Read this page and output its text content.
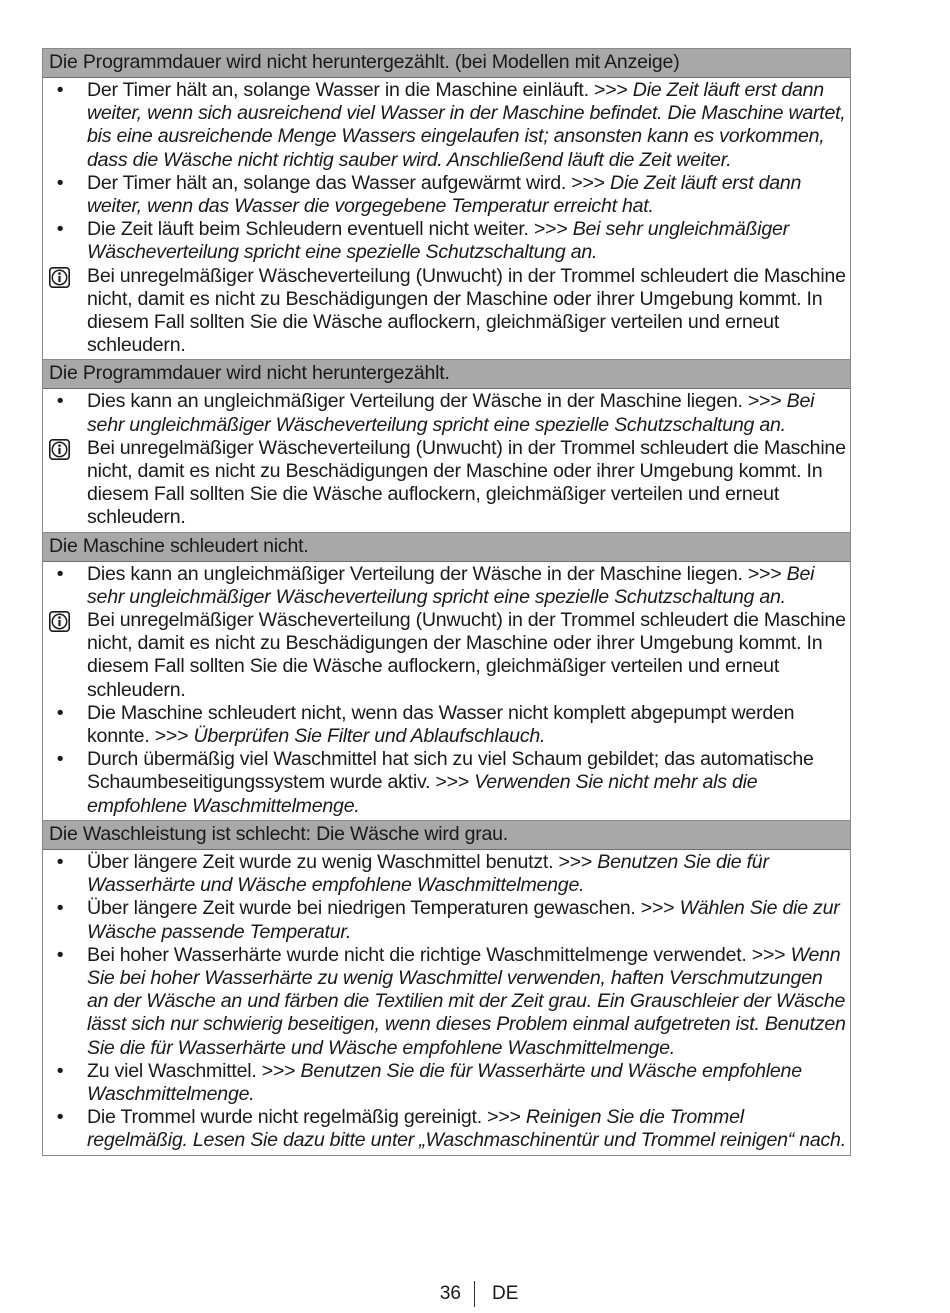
Die Programmdauer wird nicht heruntergezählt. (bei Modellen mit Anzeige)
•	Der Timer hält an, solange Wasser in die Maschine einläuft. >>> Die Zeit läuft erst dann weiter, wenn sich ausreichend viel Wasser in der Maschine befindet. Die Maschine wartet, bis eine ausreichende Menge Wassers eingelaufen ist; ansonsten kann es vorkommen, dass die Wäsche nicht richtig sauber wird. Anschließend läuft die Zeit weiter.
•	Der Timer hält an, solange das Wasser aufgewärmt wird. >>> Die Zeit läuft erst dann weiter, wenn das Wasser die vorgegebene Temperatur erreicht hat.
•	Die Zeit läuft beim Schleudern eventuell nicht weiter. >>> Bei sehr ungleichmäßiger Wäscheverteilung spricht eine spezielle Schutzschaltung an.
Bei unregelmäßiger Wäscheverteilung (Unwucht) in der Trommel schleudert die Maschine nicht, damit es nicht zu Beschädigungen der Maschine oder ihrer Umgebung kommt. In diesem Fall sollten Sie die Wäsche auflockern, gleichmäßiger verteilen und erneut schleudern.
Die Programmdauer wird nicht heruntergezählt.
•	Dies kann an ungleichmäßiger Verteilung der Wäsche in der Maschine liegen. >>> Bei sehr ungleichmäßiger Wäscheverteilung spricht eine spezielle Schutzschaltung an.
Bei unregelmäßiger Wäscheverteilung (Unwucht) in der Trommel schleudert die Maschine nicht, damit es nicht zu Beschädigungen der Maschine oder ihrer Umgebung kommt. In diesem Fall sollten Sie die Wäsche auflockern, gleichmäßiger verteilen und erneut schleudern.
Die Maschine schleudert nicht.
•	Dies kann an ungleichmäßiger Verteilung der Wäsche in der Maschine liegen. >>> Bei sehr ungleichmäßiger Wäscheverteilung spricht eine spezielle Schutzschaltung an.
Bei unregelmäßiger Wäscheverteilung (Unwucht) in der Trommel schleudert die Maschine nicht, damit es nicht zu Beschädigungen der Maschine oder ihrer Umgebung kommt. In diesem Fall sollten Sie die Wäsche auflockern, gleichmäßiger verteilen und erneut schleudern.
•	Die Maschine schleudert nicht, wenn das Wasser nicht komplett abgepumpt werden konnte. >>> Überprüfen Sie Filter und Ablaufschlauch.
•	Durch übermäßig viel Waschmittel hat sich zu viel Schaum gebildet; das automatische Schaumbeseitigungssystem wurde aktiv. >>> Verwenden Sie nicht mehr als die empfohlene Waschmittelmenge.
Die Waschleistung ist schlecht: Die Wäsche wird grau.
•	Über längere Zeit wurde zu wenig Waschmittel benutzt. >>> Benutzen Sie die für Wasserhärte und Wäsche empfohlene Waschmittelmenge.
•	Über längere Zeit wurde bei niedrigen Temperaturen gewaschen. >>> Wählen Sie die zur Wäsche passende Temperatur.
•	Bei hoher Wasserhärte wurde nicht die richtige Waschmittelmenge verwendet. >>> Wenn Sie bei hoher Wasserhärte zu wenig Waschmittel verwenden, haften Verschmutzungen an der Wäsche an und färben die Textilien mit der Zeit grau. Ein Grauschleier der Wäsche lässt sich nur schwierig beseitigen, wenn dieses Problem einmal aufgetreten ist. Benutzen Sie die für Wasserhärte und Wäsche empfohlene Waschmittelmenge.
•	Zu viel Waschmittel. >>> Benutzen Sie die für Wasserhärte und Wäsche empfohlene Waschmittelmenge.
•	Die Trommel wurde nicht regelmäßig gereinigt. >>> Reinigen Sie die Trommel regelmäßig. Lesen Sie dazu bitte unter „Waschmaschinentür und Trommel reinigen“ nach.
36 DE
